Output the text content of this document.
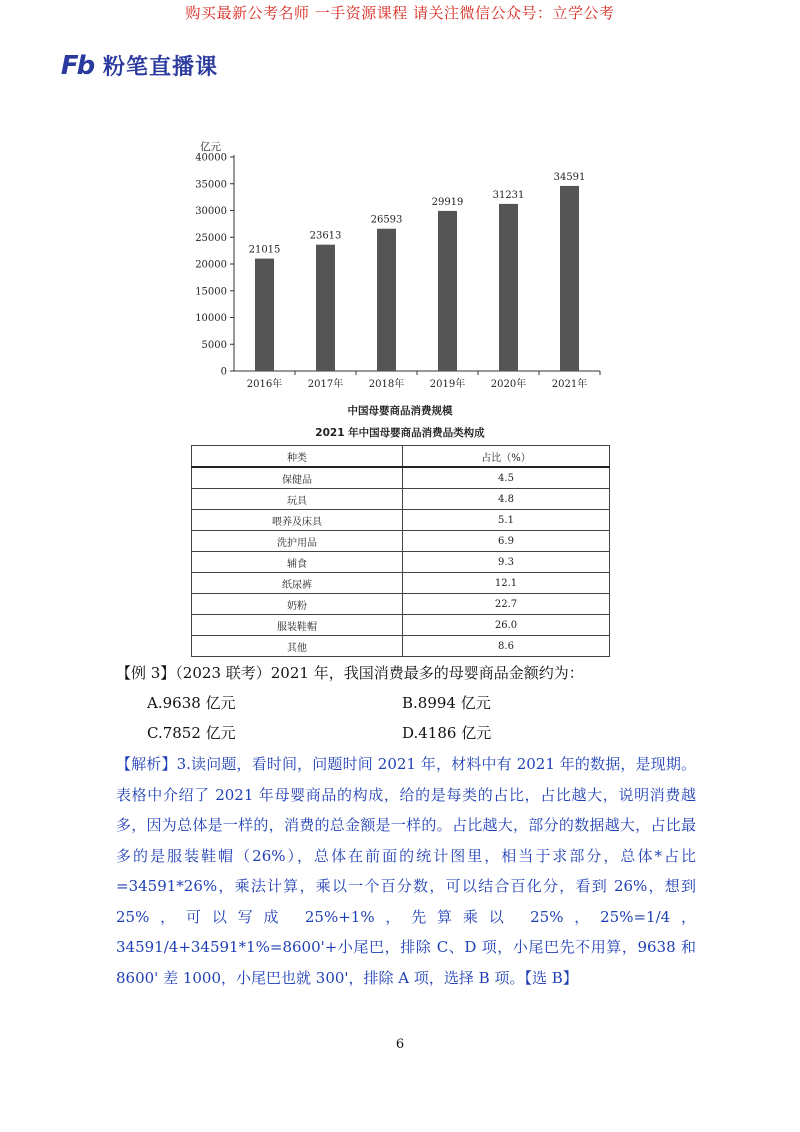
购买最新公考名师 一手资源课程 请关注微信公众号：立学公考
Fb 粉笔直播课
亿元
0
5000
10000
15000
20000
25000
30000
35000
40000
21015
2016年
23613
2017年
26593
2018年
29919
2019年
31231
2020年
34591
2021年
中国母婴商品消费规模
2021 年中国母婴商品消费品类构成
种类	占比（%）
保健品	4.5
玩具	4.8
喂养及床具	5.1
洗护用品	6.9
辅食	9.3
纸尿裤	12.1
奶粉	22.7
服装鞋帽	26.0
其他	8.6
【例 3】（2023 联考）2021 年，我国消费最多的母婴商品金额约为：
A.9638 亿元	B.8994 亿元
C.7852 亿元	D.4186 亿元
【解析】3.读问题，看时间，问题时间 2021 年，材料中有 2021 年的数据，是现期。表格中介绍了 2021 年母婴商品的构成，给的是每类的占比，占比越大，说明消费越多，因为总体是一样的，消费的总金额是一样的。占比越大，部分的数据越大，占比最多的是服装鞋帽（26%），总体在前面的统计图里，相当于求部分，总体*占比=34591*26%，乘法计算，乘以一个百分数，可以结合百化分，看到 26%，想到 25%，可以写成 25%+1%，先算乘以 25%，25%=1/4，34591/4+34591*1%=8600'+小尾巴，排除 C、D 项，小尾巴先不用算，9638 和 8600' 差 1000，小尾巴也就 300'，排除 A 项，选择 B 项。【选 B】
6
